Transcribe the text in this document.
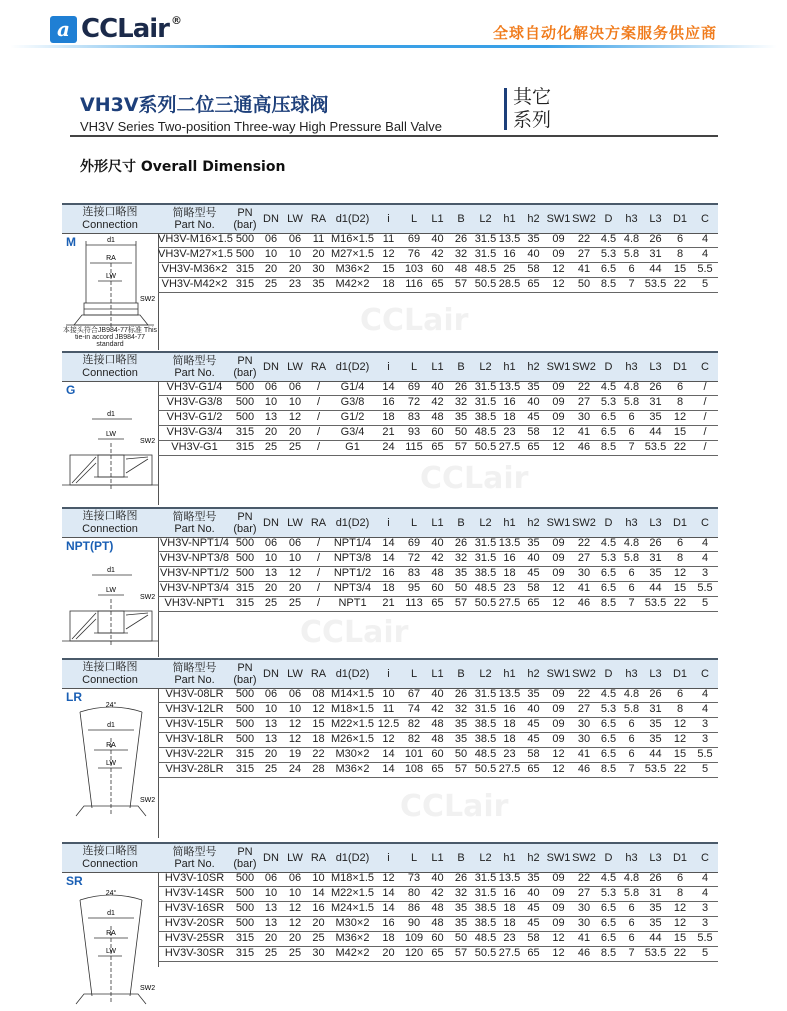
a CCLair ®
全球自动化解决方案服务供应商
VH3V系列二位三通高压球阀
VH3V Series Two-position Three-way High Pressure Ball Valve
其它
系列
外形尺寸 Overall Dimension
CCLair
CCLair
CCLair
CCLair
连接口略图
Connection
简略型号
Part No.
PN
(bar) DN LW RA d1(D2) i L L1 B L2 h1 h2 SW1 SW2 D h3 L3 D1 C
M	d1
RA
LW
SW2
本接头符合JB984-77标准 This tie-in accord JB984-77 standard
VH3V-M16×1.5 500 06	06	11 M16×1.5 11	69	40	26 31.5 13.5 35	09	22 4.5 4.8 26	6	4
VH3V-M27×1.5 500 10	10	20 M27×1.5 12	76	42	32 31.5 16	40	09	27 5.3 5.8 31	8	4
VH3V-M36×2 315 20	20	30 M36×2	15 103 60	48 48.5 25	58	12	41 6.5	6	44	15	5.5
VH3V-M42×2 315 25	23	35 M42×2	18 116 65	57 50.5 28.5 65	12	50 8.5	7 53.5 22	5
连接口略图
Connection
简略型号
Part No.
PN
(bar) DN LW RA d1(D2) i L L1 B L2 h1 h2 SW1 SW2 D h3 L3 D1 C
G
d1
LW
SW2
VH3V-G1/4	500 06	06	/	G1/4	14	69	40	26 31.5 13.5 35	09	22 4.5 4.8 26	6	/
VH3V-G3/8	500 10	10	/	G3/8	16	72	42	32 31.5 16	40	09	27 5.3 5.8 31	8	/
VH3V-G1/2	500 13	12	/	G1/2	18	83	48	35 38.5 18	45	09	30 6.5	6	35	12	/
VH3V-G3/4	315 20	20	/	G3/4	21	93	60	50 48.5 23	58	12	41 6.5	6	44	15	/
VH3V-G1	315 25	25	/	G1	24 115 65	57 50.5 27.5 65	12	46 8.5	7 53.5 22	/
连接口略图
Connection
简略型号
Part No.
PN
(bar) DN LW RA d1(D2) i L L1 B L2 h1 h2 SW1 SW2 D h3 L3 D1 C
NPT(PT)
d1
LW
SW2
VH3V-NPT1/4 500 06	06	/	NPT1/4	14	69	40	26 31.5 13.5 35	09	22 4.5 4.8 26	6	4
VH3V-NPT3/8 500 10	10	/	NPT3/8	14	72	42	32 31.5 16	40	09	27 5.3 5.8 31	8	4
VH3V-NPT1/2 500 13	12	/	NPT1/2	16	83	48	35 38.5 18	45	09	30 6.5	6	35	12	3
VH3V-NPT3/4 315 20	20	/	NPT3/4	18	95	60	50 48.5 23	58	12	41 6.5	6	44	15	5.5
VH3V-NPT1	315 25	25	/	NPT1	21 113 65	57 50.5 27.5 65	12	46 8.5	7 53.5 22	5
连接口略图
Connection
简略型号
Part No.
PN
(bar) DN LW RA d1(D2) i L L1 B L2 h1 h2 SW1 SW2 D h3 L3 D1 C
LR
24°
d1
RA
LW
SW2
VH3V-08LR	500 06	06	08 M14×1.5 10	67	40	26 31.5 13.5 35	09	22 4.5 4.8 26	6	4
VH3V-12LR	500 10	10	12 M18×1.5 11	74	42	32 31.5 16	40	09	27 5.3 5.8 31	8	4
VH3V-15LR	500 13	12	15 M22×1.5 12.5 82	48	35 38.5 18	45	09	30 6.5	6	35	12	3
VH3V-18LR	500 13	12	18 M26×1.5 12	82	48	35 38.5 18	45	09	30 6.5	6	35	12	3
VH3V-22LR	315 20	19	22 M30×2	14 101 60	50 48.5 23	58	12	41 6.5	6	44	15	5.5
VH3V-28LR	315 25	24	28 M36×2	14 108 65	57 50.5 27.5 65	12	46 8.5	7 53.5 22	5
连接口略图
Connection
简略型号
Part No.
PN
(bar) DN LW RA d1(D2) i L L1 B L2 h1 h2 SW1 SW2 D h3 L3 D1 C
SR
24°
d1
RA
LW
SW2
HV3V-10SR	500 06	06	10 M18×1.5 12	73	40	26 31.5 13.5 35	09	22 4.5 4.8 26	6	4
HV3V-14SR	500 10	10	14 M22×1.5 14	80	42	32 31.5 16	40	09	27 5.3 5.8 31	8	4
HV3V-16SR	500 13	12	16 M24×1.5 14	86	48	35 38.5 18	45	09	30 6.5	6	35	12	3
HV3V-20SR	500 13	12	20 M30×2	16	90	48	35 38.5 18	45	09	30 6.5	6	35	12	3
HV3V-25SR	315 20	20	25 M36×2	18 109 60	50 48.5 23	58	12	41 6.5	6	44	15	5.5
HV3V-30SR	315 25	25	30 M42×2	20 120 65	57 50.5 27.5 65	12	46 8.5	7 53.5 22	5
